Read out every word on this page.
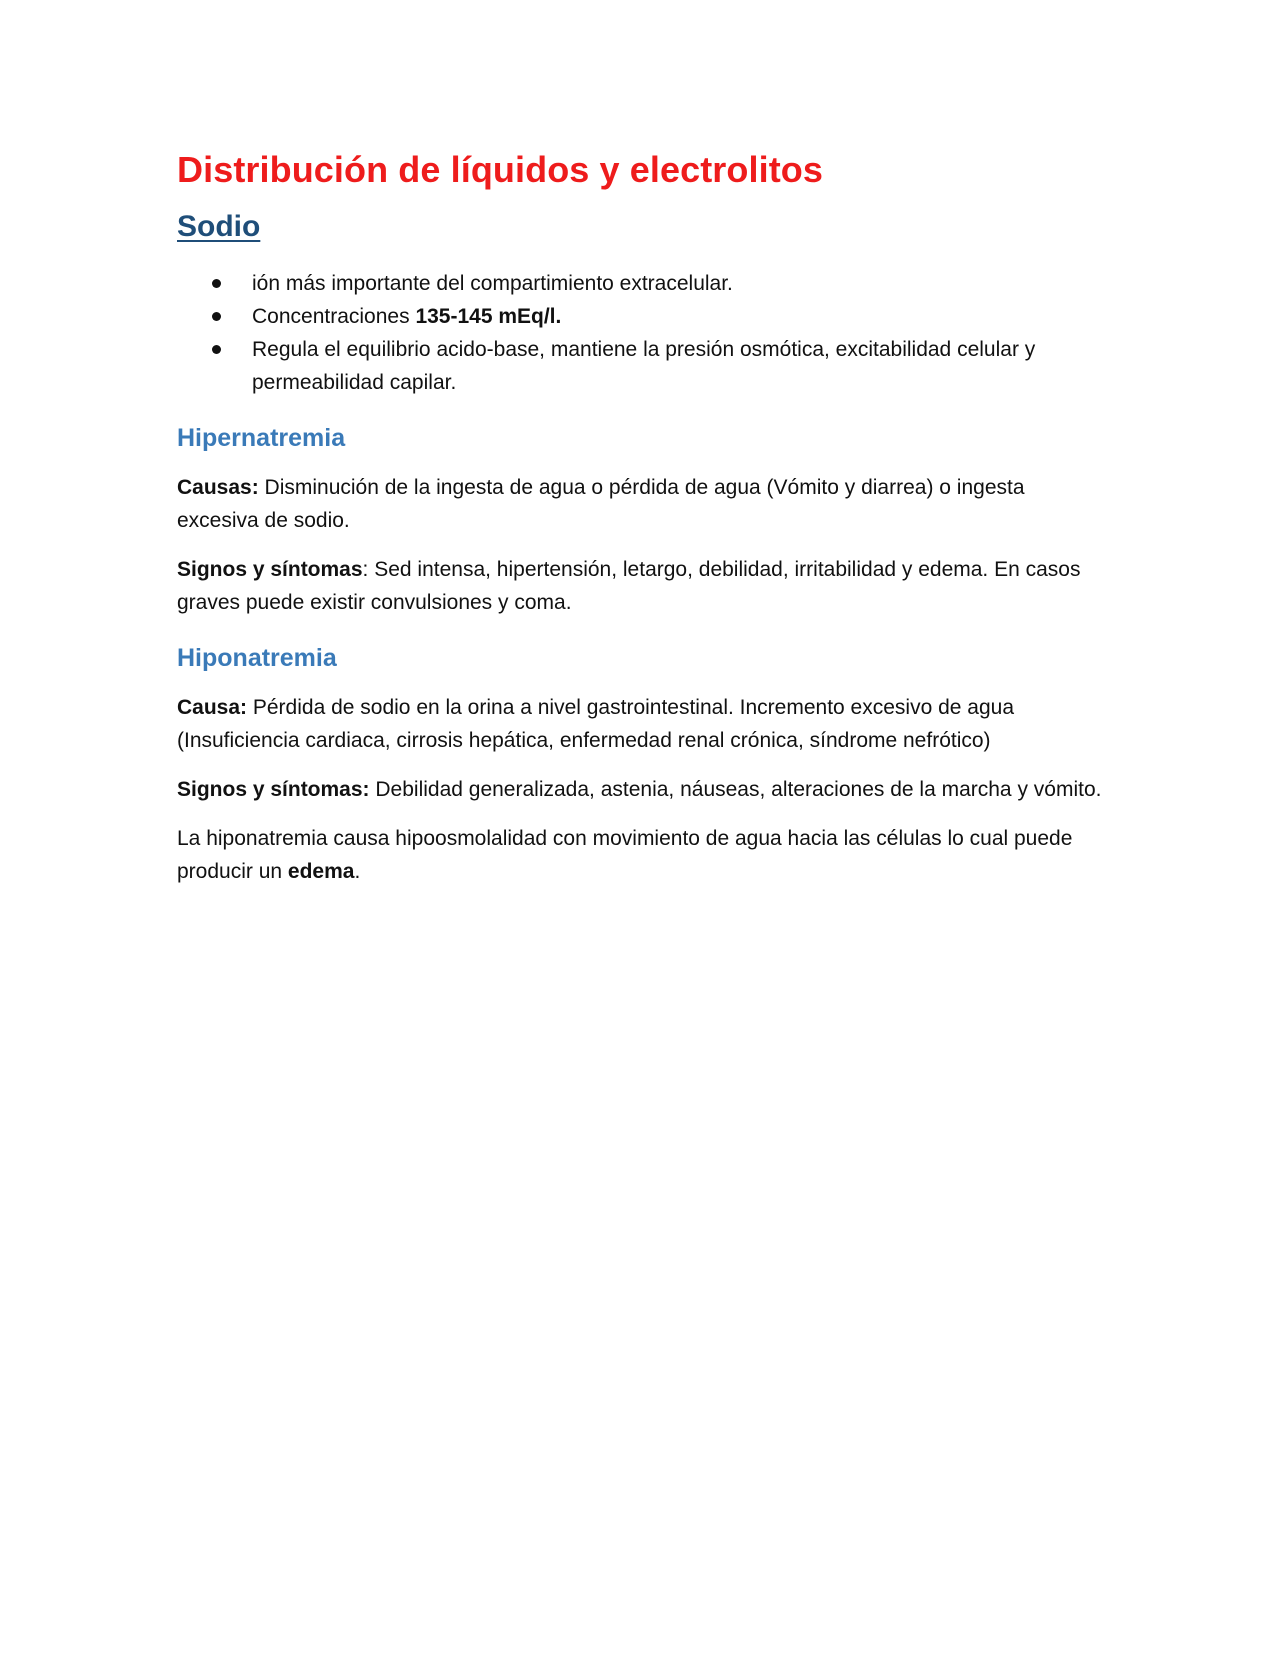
Distribución de líquidos y electrolitos
Sodio
ión más importante del compartimiento extracelular.
Concentraciones 135-145 mEq/l.
Regula el equilibrio acido-base, mantiene la presión osmótica, excitabilidad celular y permeabilidad capilar.
Hipernatremia

Causas: Disminución de la ingesta de agua o pérdida de agua (Vómito y diarrea) o ingesta excesiva de sodio.

Signos y síntomas: Sed intensa, hipertensión, letargo, debilidad, irritabilidad y edema. En casos graves puede existir convulsiones y coma.

Hiponatremia

Causa: Pérdida de sodio en la orina a nivel gastrointestinal. Incremento excesivo de agua (Insuficiencia cardiaca, cirrosis hepática, enfermedad renal crónica, síndrome nefrótico)

Signos y síntomas: Debilidad generalizada, astenia, náuseas, alteraciones de la marcha y vómito.

La hiponatremia causa hipoosmolalidad con movimiento de agua hacia las células lo cual puede producir un edema.
